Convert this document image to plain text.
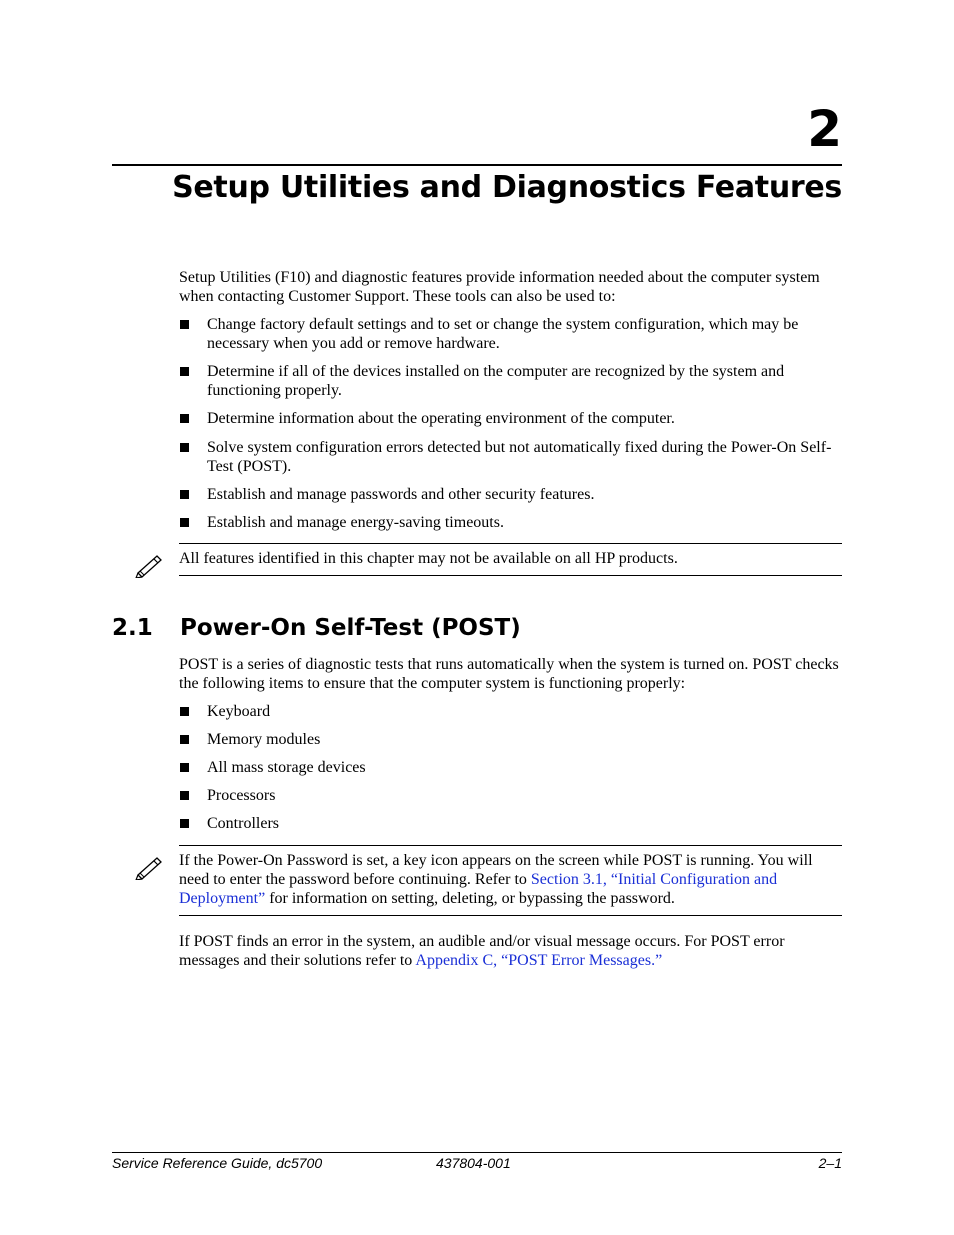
2
Setup Utilities and Diagnostics Features

Setup Utilities (F10) and diagnostic features provide information needed about the computer system when contacting Customer Support. These tools can also be used to:

Change factory default settings and to set or change the system configuration, which may be necessary when you add or remove hardware.
Determine if all of the devices installed on the computer are recognized by the system and functioning properly.
Determine information about the operating environment of the computer.
Solve system configuration errors detected but not automatically fixed during the Power-On Self-Test (POST).
Establish and manage passwords and other security features.
Establish and manage energy-saving timeouts.

All features identified in this chapter may not be available on all HP products.

2.1 Power-On Self-Test (POST)

POST is a series of diagnostic tests that runs automatically when the system is turned on. POST checks the following items to ensure that the computer system is functioning properly:

Keyboard
Memory modules
All mass storage devices
Processors
Controllers

If the Power-On Password is set, a key icon appears on the screen while POST is running. You will need to enter the password before continuing. Refer to Section 3.1, “Initial Configuration and Deployment” for information on setting, deleting, or bypassing the password.

If POST finds an error in the system, an audible and/or visual message occurs. For POST error messages and their solutions refer to Appendix C, “POST Error Messages.”

Service Reference Guide, dc5700	437804-001	2–1
